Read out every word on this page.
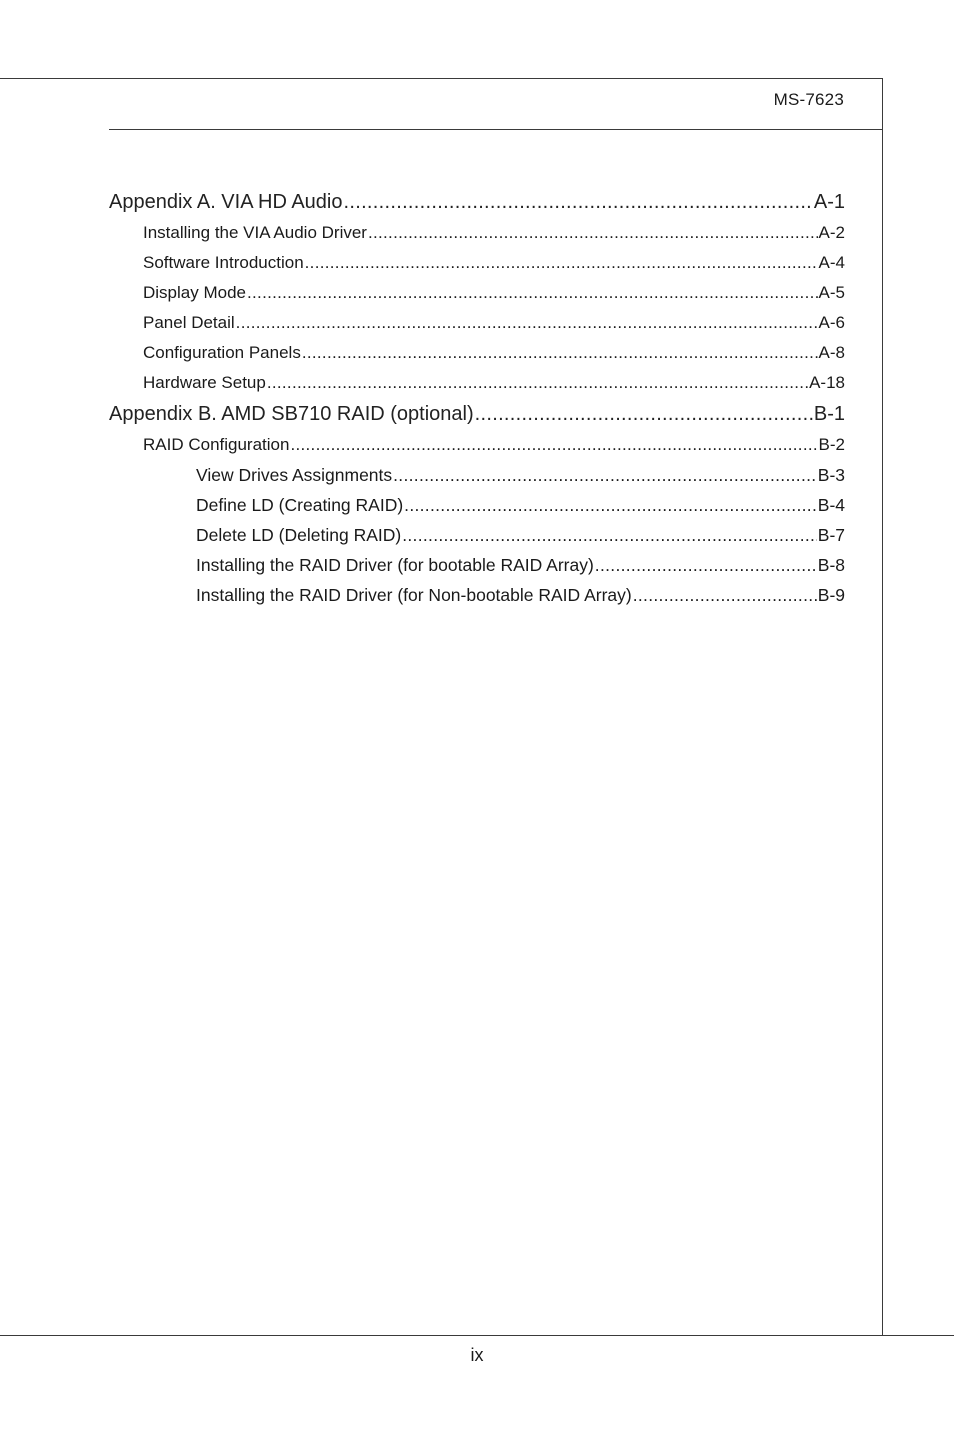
MS-7623
Appendix A. VIA HD Audio .....	A-1
Installing the VIA Audio Driver .....	A-2
Software Introduction .....	A-4
Display Mode .....	A-5
Panel Detail .....	A-6
Configuration Panels .....	A-8
Hardware Setup .....	A-18
Appendix B. AMD SB710 RAID (optional) .....	B-1
RAID Configuration .....	B-2
View Drives Assignments .....	B-3
Define LD (Creating RAID) .....	B-4
Delete LD (Deleting RAID) .....	B-7
Installing the RAID Driver (for bootable RAID Array) .....	B-8
Installing the RAID Driver (for Non-bootable RAID Array) .....	B-9
ix
